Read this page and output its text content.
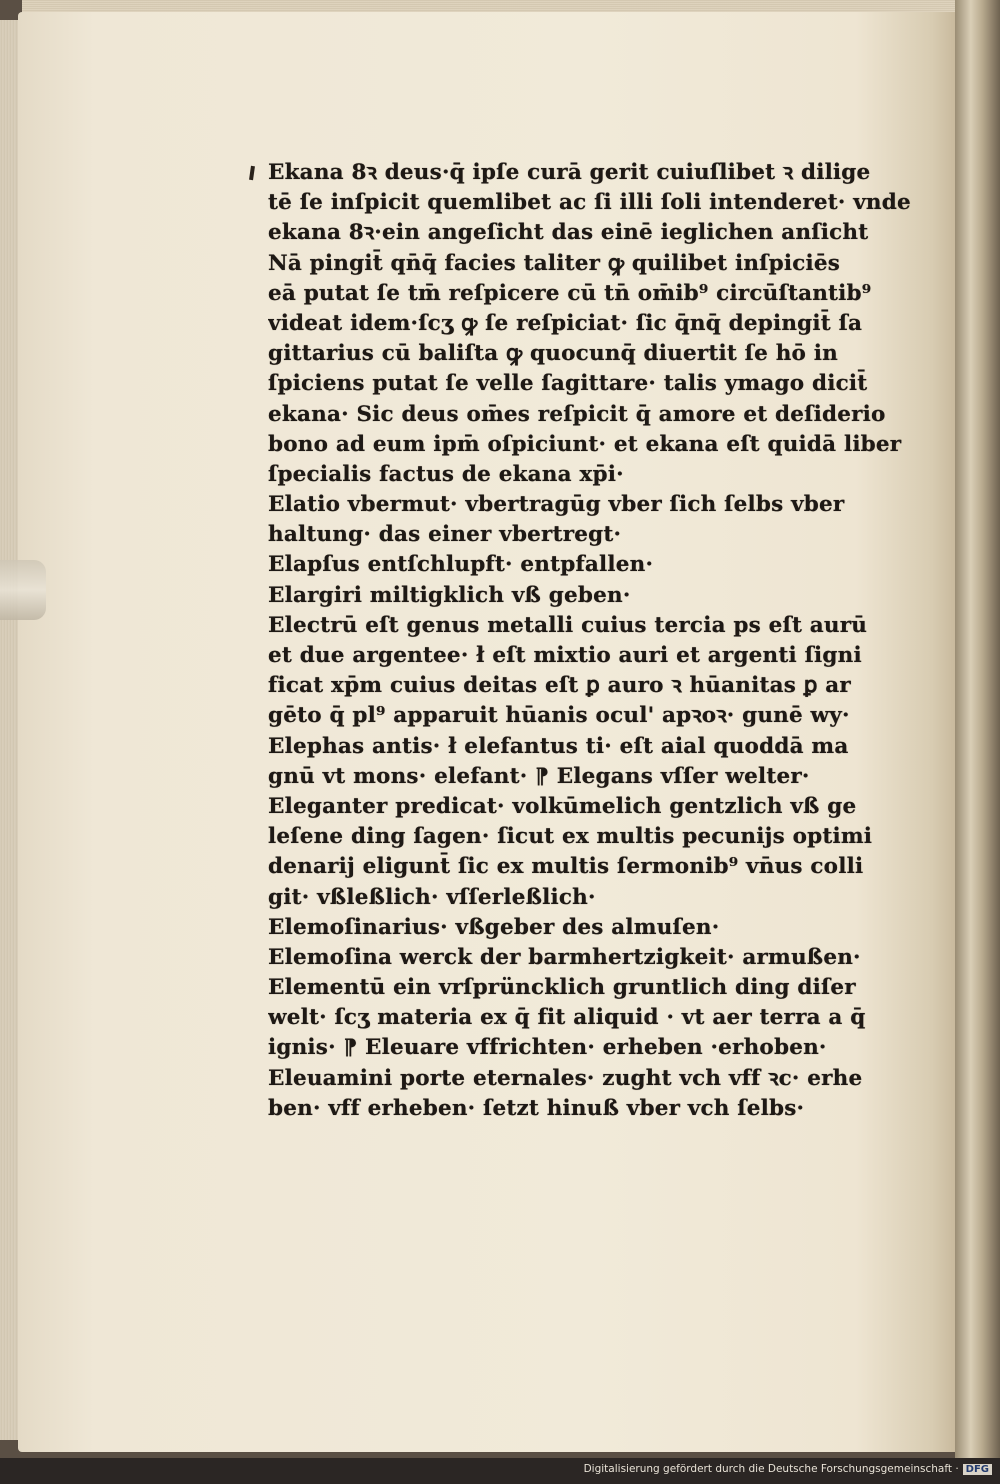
Ekana 8ꝛ deus·q̄ ipſe curā gerit cuiuſlibet ꝛ dilige
tē ſe inſpicit quemlibet ac ſi illi ſoli intenderet· vnde
ekana 8ꝛ·ein angeſicht das einē ieglichen anſicht
Nā pingit̄ qn̄q̄ facies taliter ꝙ quilibet inſpiciēs
eā putat ſe tm̄ reſpicere cū tn̄ om̄ib⁹ circūſtantib⁹
videat idem·ſcʒ ꝙ ſe reſpiciat· ſic q̄nq̄ depingit̄ ſa
gittarius cū baliſta ꝙ quocunq̄ diuertit ſe hō in
ſpiciens putat ſe velle ſagittare· talis ymago dicit̄
ekana· Sic deus om̄es reſpicit q̄ amore et deſiderio
bono ad eum ipm̄ oſpiciunt· et ekana eſt quidā liber
ſpecialis factus de ekana xp̄i·
Elatio vbermut· vbertragūg vber ſich ſelbs vber
haltung· das einer vbertregt·
Elapſus entſchlupft· entpfallen·
Elargiri miltigklich vß geben·
Electrū eſt genus metalli cuius tercia ps eſt aurū
et due argentee· ł eſt mixtio auri et argenti ſigni
ficat xp̄m cuius deitas eſt ꝑ auro ꝛ hūanitas ꝑ ar
gēto q̄ pl⁹ apparuit hūanis ocul' apꝛoꝛ· gunē wy·
Elephas antis· ł elefantus ti· eſt aial quoddā ma
gnū vt mons· elefant· ⁋ Elegans vſſer welter·
Eleganter predicat· volkūmelich gentzlich vß ge
leſene ding ſagen· ſicut ex multis pecunijs optimi
denarij eligunt̄ ſic ex multis ſermonib⁹ vn̄us colli
git· vßleßlich· vſſerleßlich·
Elemoſinarius· vßgeber des almuſen·
Elemoſina werck der barmhertzigkeit· armußen·
Elementū ein vrſprüncklich gruntlich ding diſer
welt· ſcʒ materia ex q̄ fit aliquid · vt aer terra a q̄
ignis· ⁋ Eleuare vffrichten· erheben ·erhoben·
Eleuamini porte eternales· zught vch vff ꝛc· erhe
ben· vff erheben· ſetzt hinuß vber vch ſelbs·
Digitalisierung gefördert durch die Deutsche Forschungsgemeinschaft · DFG
